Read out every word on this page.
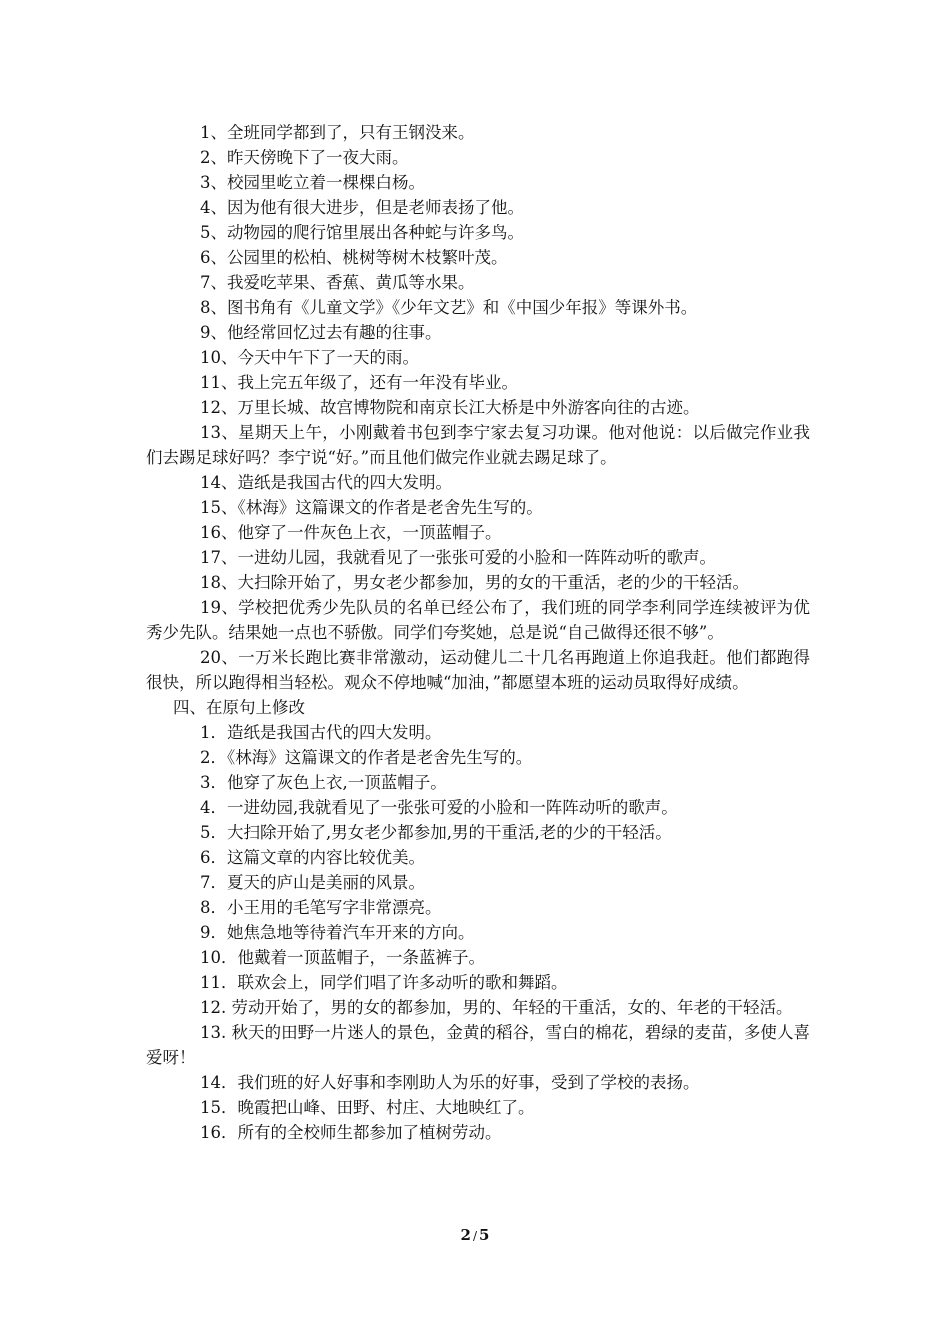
1、全班同学都到了，只有王钢没来。

2、昨天傍晚下了一夜大雨。

3、校园里屹立着一棵棵白杨。

4、因为他有很大进步，但是老师表扬了他。

5、动物园的爬行馆里展出各种蛇与许多鸟。

6、公园里的松柏、桃树等树木枝繁叶茂。

7、我爱吃苹果、香蕉、黄瓜等水果。

8、图书角有《儿童文学》《少年文艺》和《中国少年报》等课外书。

9、他经常回忆过去有趣的往事。

10、今天中午下了一天的雨。

11、我上完五年级了，还有一年没有毕业。

12、万里长城、故宫博物院和南京长江大桥是中外游客向往的古迹。

13、星期天上午，小刚戴着书包到李宁家去复习功课。他对他说：以后做完作业我们去踢足球好吗？李宁说“好。”而且他们做完作业就去踢足球了。

14、造纸是我国古代的四大发明。

15、《林海》这篇课文的作者是老舍先生写的。

16、他穿了一件灰色上衣，一顶蓝帽子。

17、一进幼儿园，我就看见了一张张可爱的小脸和一阵阵动听的歌声。

18、大扫除开始了，男女老少都参加，男的女的干重活，老的少的干轻活。

19、学校把优秀少先队员的名单已经公布了，我们班的同学李利同学连续被评为优秀少先队。结果她一点也不骄傲。同学们夸奖她，总是说“自己做得还很不够”。

20、一万米长跑比赛非常激动，运动健儿二十几名再跑道上你追我赶。他们都跑得很快，所以跑得相当轻松。观众不停地喊“加油，”都愿望本班的运动员取得好成绩。

四、在原句上修改

1．造纸是我国古代的四大发明。

2．《林海》这篇课文的作者是老舍先生写的。

3．他穿了灰色上衣,一顶蓝帽子。

4．一进幼园,我就看见了一张张可爱的小脸和一阵阵动听的歌声。

5．大扫除开始了,男女老少都参加,男的干重活,老的少的干轻活。

6．这篇文章的内容比较优美。

7．夏天的庐山是美丽的风景。

8．小王用的毛笔写字非常漂亮。

9．她焦急地等待着汽车开来的方向。

10．他戴着一顶蓝帽子，一条蓝裤子。

11．联欢会上，同学们唱了许多动听的歌和舞蹈。

12. 劳动开始了，男的女的都参加，男的、年轻的干重活，女的、年老的干轻活。

13. 秋天的田野一片迷人的景色，金黄的稻谷，雪白的棉花，碧绿的麦苗，多使人喜爱呀！

14．我们班的好人好事和李刚助人为乐的好事，受到了学校的表扬。

15．晚霞把山峰、田野、村庄、大地映红了。

16．所有的全校师生都参加了植树劳动。

2 / 5
